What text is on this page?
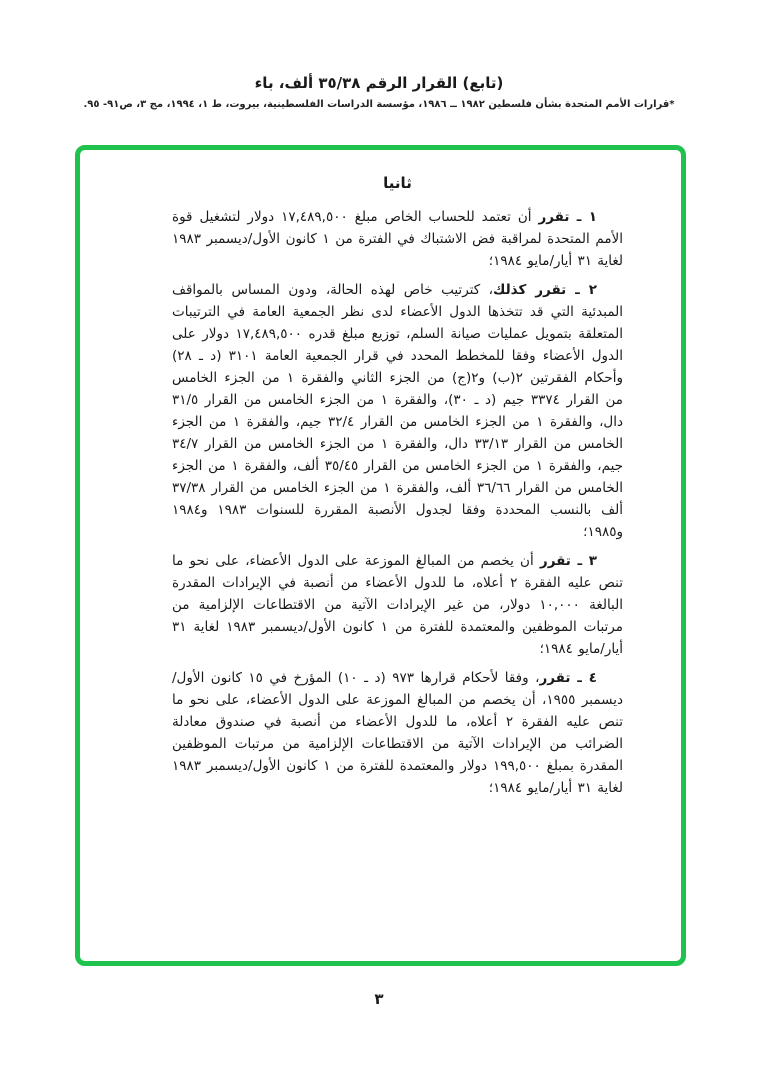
(تابع) القرار الرقم ٣٥/٣٨ ألف، باء
*قرارات الأمم المتحدة بشأن فلسطين ١٩٨٢ ــ ١٩٨٦، مؤسسة الدراسات الفلسطينية، بيروت، ط ١، ١٩٩٤، مج ٣، ص٩١- ٩٥.
ثانيا

١ ـ تقرر أن تعتمد للحساب الخاص مبلغ ١٧,٤٨٩,٥٠٠ دولار لتشغيل قوة الأمم المتحدة لمراقبة فض الاشتباك في الفترة من ١ كانون الأول/ديسمبر ١٩٨٣ لغاية ٣١ أيار/مايو ١٩٨٤؛

٢ ـ تقرر كذلك، كترتيب خاص لهذه الحالة، ودون المساس بالمواقف المبدئية التي قد تتخذها الدول الأعضاء لدى نظر الجمعية العامة في الترتيبات المتعلقة بتمويل عمليات صيانة السلم، توزيع مبلغ قدره ١٧,٤٨٩,٥٠٠ دولار على الدول الأعضاء وفقا للمخطط المحدد في قرار الجمعية العامة ٣١٠١ (د ـ ٢٨) وأحكام الفقرتين ٢(ب) و٢(ج) من الجزء الثاني والفقرة ١ من الجزء الخامس من القرار ٣٣٧٤ جيم (د ـ ٣٠)، والفقرة ١ من الجزء الخامس من القرار ٣١/٥ دال، والفقرة ١ من الجزء الخامس من القرار ٣٢/٤ جيم، والفقرة ١ من الجزء الخامس من القرار ٣٣/١٣ دال، والفقرة ١ من الجزء الخامس من القرار ٣٤/٧ جيم، والفقرة ١ من الجزء الخامس من القرار ٣٥/٤٥ ألف، والفقرة ١ من الجزء الخامس من القرار ٣٦/٦٦ ألف، والفقرة ١ من الجزء الخامس من القرار ٣٧/٣٨ ألف بالنسب المحددة وفقا لجدول الأنصبة المقررة للسنوات ١٩٨٣ و١٩٨٤ و١٩٨٥؛

٣ ـ تقرر أن يخصم من المبالغ الموزعة على الدول الأعضاء، على نحو ما تنص عليه الفقرة ٢ أعلاه، ما للدول الأعضاء من أنصبة في الإيرادات المقدرة البالغة ١٠,٠٠٠ دولار، من غير الإيرادات الآتية من الاقتطاعات الإلزامية من مرتبات الموظفين والمعتمدة للفترة من ١ كانون الأول/ديسمبر ١٩٨٣ لغاية ٣١ أيار/مايو ١٩٨٤؛

٤ ـ تقرر، وفقا لأحكام قرارها ٩٧٣ (د ـ ١٠) المؤرخ في ١٥ كانون الأول/ديسمبر ١٩٥٥، أن يخصم من المبالغ الموزعة على الدول الأعضاء، على نحو ما تنص عليه الفقرة ٢ أعلاه، ما للدول الأعضاء من أنصبة في صندوق معادلة الضرائب من الإيرادات الآتية من الاقتطاعات الإلزامية من مرتبات الموظفين المقدرة بمبلغ ١٩٩,٥٠٠ دولار والمعتمدة للفترة من ١ كانون الأول/ديسمبر ١٩٨٣ لغاية ٣١ أيار/مايو ١٩٨٤؛

٣
